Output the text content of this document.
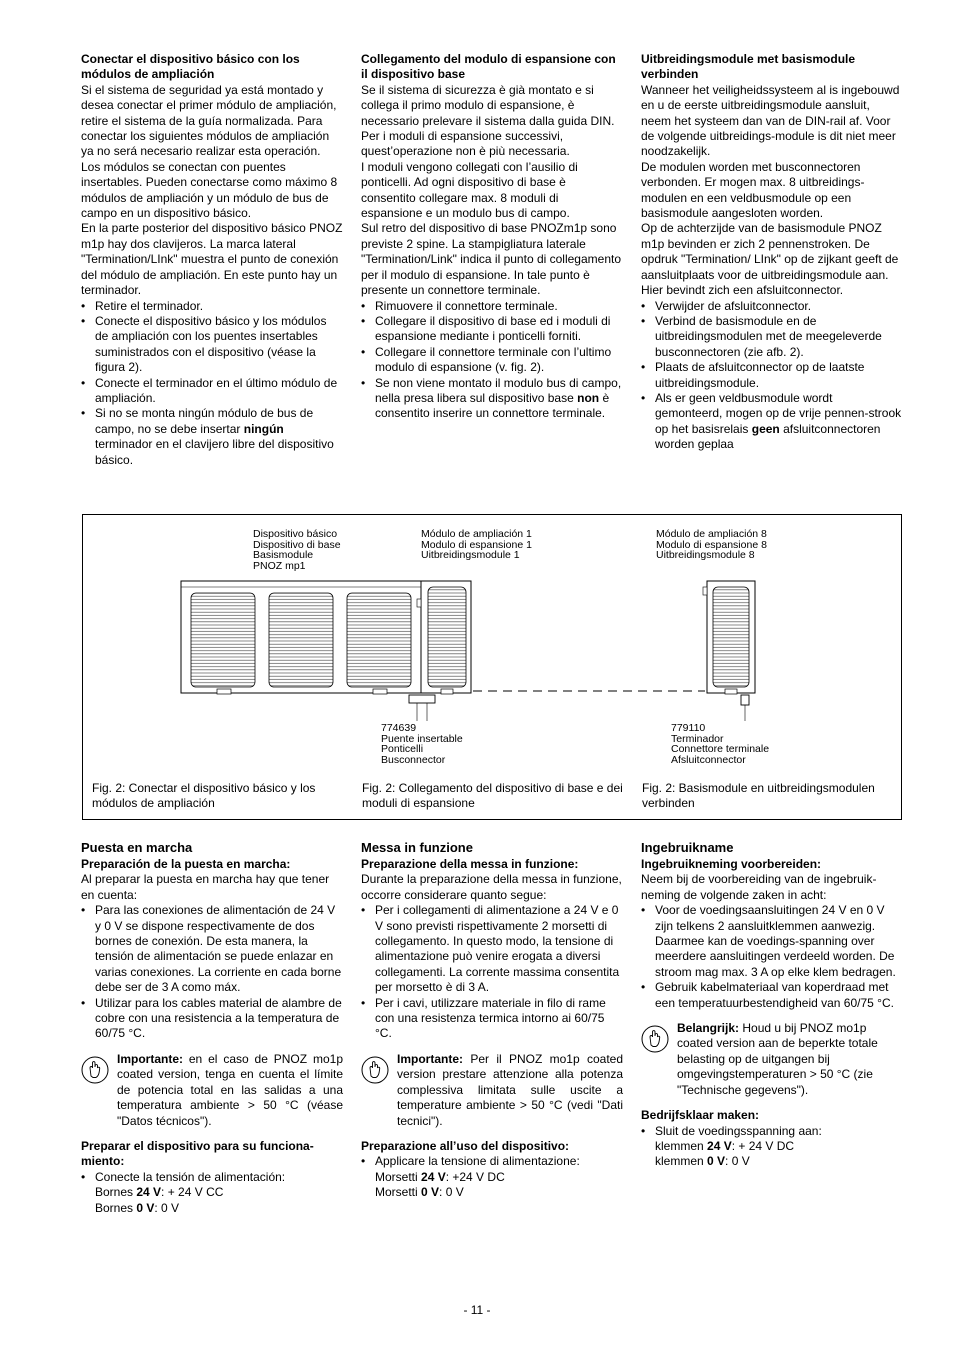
Conectar el dispositivo básico con los módulos de ampliación

Si el sistema de seguridad ya está montado y desea conectar el primer módulo de ampliación, retire el sistema de la guía normalizada. Para conectar los siguientes módulos de ampliación ya no será necesario realizar esta operación.

Los módulos se conectan con puentes insertables. Pueden conectarse como máximo 8 módulos de ampliación y un módulo de bus de campo en un dispositivo básico.

En la parte posterior del dispositivo básico PNOZ m1p hay dos clavijeros. La marca lateral "Termination/LInk" muestra el punto de conexión del módulo de ampliación. En este punto hay un terminador.

• Retire el terminador.
• Conecte el dispositivo básico y los módulos de ampliación con los puentes insertables suministrados con el dispositivo (véase la figura 2).
• Conecte el terminador en el último módulo de ampliación.
• Si no se monta ningún módulo de bus de campo, no se debe insertar ningún terminador en el clavijero libre del dispositivo básico.
Collegamento del modulo di espansione con il dispositivo base

Se il sistema di sicurezza è già montato e si collega il primo modulo di espansione, è necessario prelevare il sistema dalla guida DIN. Per i moduli di espansione successivi, quest’operazione non è più necessaria.

I moduli vengono collegati con l’ausilio di ponticelli. Ad ogni dispositivo di base è consentito collegare max. 8 moduli di espansione e un modulo bus di campo.

Sul retro del dispositivo di base PNOZm1p sono previste 2 spine. La stampigliatura laterale "Termination/Link" indica il punto di collegamento per il modulo di espansione. In tale punto è presente un connettore terminale.

• Rimuovere il connettore terminale.
• Collegare il dispositivo di base ed i moduli di espansione mediante i ponticelli forniti.
• Collegare il connettore terminale con l’ultimo modulo di espansione (v. fig. 2).
• Se non viene montato il modulo bus di campo, nella presa libera sul dispositivo base non è consentito inserire un connettore terminale.
Uitbreidingsmodule met basismodule verbinden

Wanneer het veiligheidssysteem al is ingebouwd en u de eerste uitbreidingsmodule aansluit, neem het systeem dan van de DIN-rail af. Voor de volgende uitbreidings-module is dit niet meer noodzakelijk.

De modulen worden met busconnectoren verbonden. Er mogen max. 8 uitbreidings-modulen en een veldbusmodule op een basismodule aangesloten worden.

Op de achterzijde van de basismodule PNOZ m1p bevinden er zich 2 pennenstroken. De opdruk "Termination/ LInk" op de zijkant geeft de aansluitplaats voor de uitbreidingsmodule aan. Hier bevindt zich een afsluitconnector.

• Verwijder de afsluitconnector.
• Verbind de basismodule en de uitbreidingsmodulen met de meegeleverde busconnectoren (zie afb. 2).
• Plaats de afsluitconnector op de laatste uitbreidingsmodule.
• Als er geen veldbusmodule wordt gemonteerd, mogen op de vrije pennen-strook op het basisrelais geen afsluitconnectoren worden geplaa
Dispositivo básico
Dispositivo di base
Basismodule
PNOZ mp1
Módulo de ampliación 1
Modulo di espansione 1
Uitbreidingsmodule 1
Módulo de ampliación 8
Modulo di espansione 8
Uitbreidingsmodule 8
774639
Puente insertable
Ponticelli
Busconnector
779110
Terminador
Connettore terminale
Afsluitconnector
Fig. 2: Conectar el dispositivo básico y los módulos de ampliación
Fig. 2: Collegamento del dispositivo di base e dei moduli di espansione
Fig. 2: Basismodule en uitbreidingsmodulen verbinden
Puesta en marcha
Preparación de la puesta en marcha:
Al preparar la puesta en marcha hay que tener en cuenta:
• Para las conexiones de alimentación de 24 V y 0 V se dispone respectivamente de dos bornes de conexión. De esta manera, la tensión de alimentación se puede enlazar en varias conexiones. La corriente en cada borne debe ser de 3 A como máx.
• Utilizar para los cables material de alambre de cobre con una resistencia a la temperatura de 60/75 °C.
Importante: en el caso de PNOZ mo1p coated version, tenga en cuenta el límite de potencia total en las salidas a una temperatura ambiente > 50 °C (véase "Datos técnicos").
Preparar el dispositivo para su funciona-miento:
• Conecte la tensión de alimentación:
Bornes 24 V: + 24 V CC
Bornes 0 V: 0 V
Messa in funzione
Preparazione della messa in funzione:
Durante la preparazione della messa in funzione, occorre considerare quanto segue:
• Per i collegamenti di alimentazione a 24 V e 0 V sono previsti rispettivamente 2 morsetti di collegamento. In questo modo, la tensione di alimentazione può venire erogata a diversi collegamenti. La corrente massima consentita per morsetto è di 3 A.
• Per i cavi, utilizzare materiale in filo di rame con una resistenza termica intorno ai 60/75 °C.
Importante: Per il PNOZ mo1p coated version prestare attenzione alla potenza complessiva limitata sulle uscite a temperature ambiente > 50 °C (vedi "Dati tecnici").
Preparazione all’uso del dispositivo:
• Applicare la tensione di alimentazione:
Morsetti 24 V: +24 V DC
Morsetti 0 V: 0 V
Ingebruikname
Ingebruikneming voorbereiden:
Neem bij de voorbereiding van de ingebruik-neming de volgende zaken in acht:
• Voor de voedingsaansluitingen 24 V en 0 V zijn telkens 2 aansluitklemmen aanwezig. Daarmee kan de voedings-spanning over meerdere aansluitingen verdeeld worden. De stroom mag max. 3 A op elke klem bedragen.
• Gebruik kabelmateriaal van koperdraad met een temperatuurbestendigheid van 60/75 °C.
Belangrijk: Houd u bij PNOZ mo1p coated version aan de beperkte totale belasting op de uitgangen bij omgevingstemperaturen > 50 °C (zie "Technische gegevens").
Bedrijfsklaar maken:
• Sluit de voedingsspanning aan:
klemmen 24 V: + 24 V DC
klemmen 0 V: 0 V
- 11 -
